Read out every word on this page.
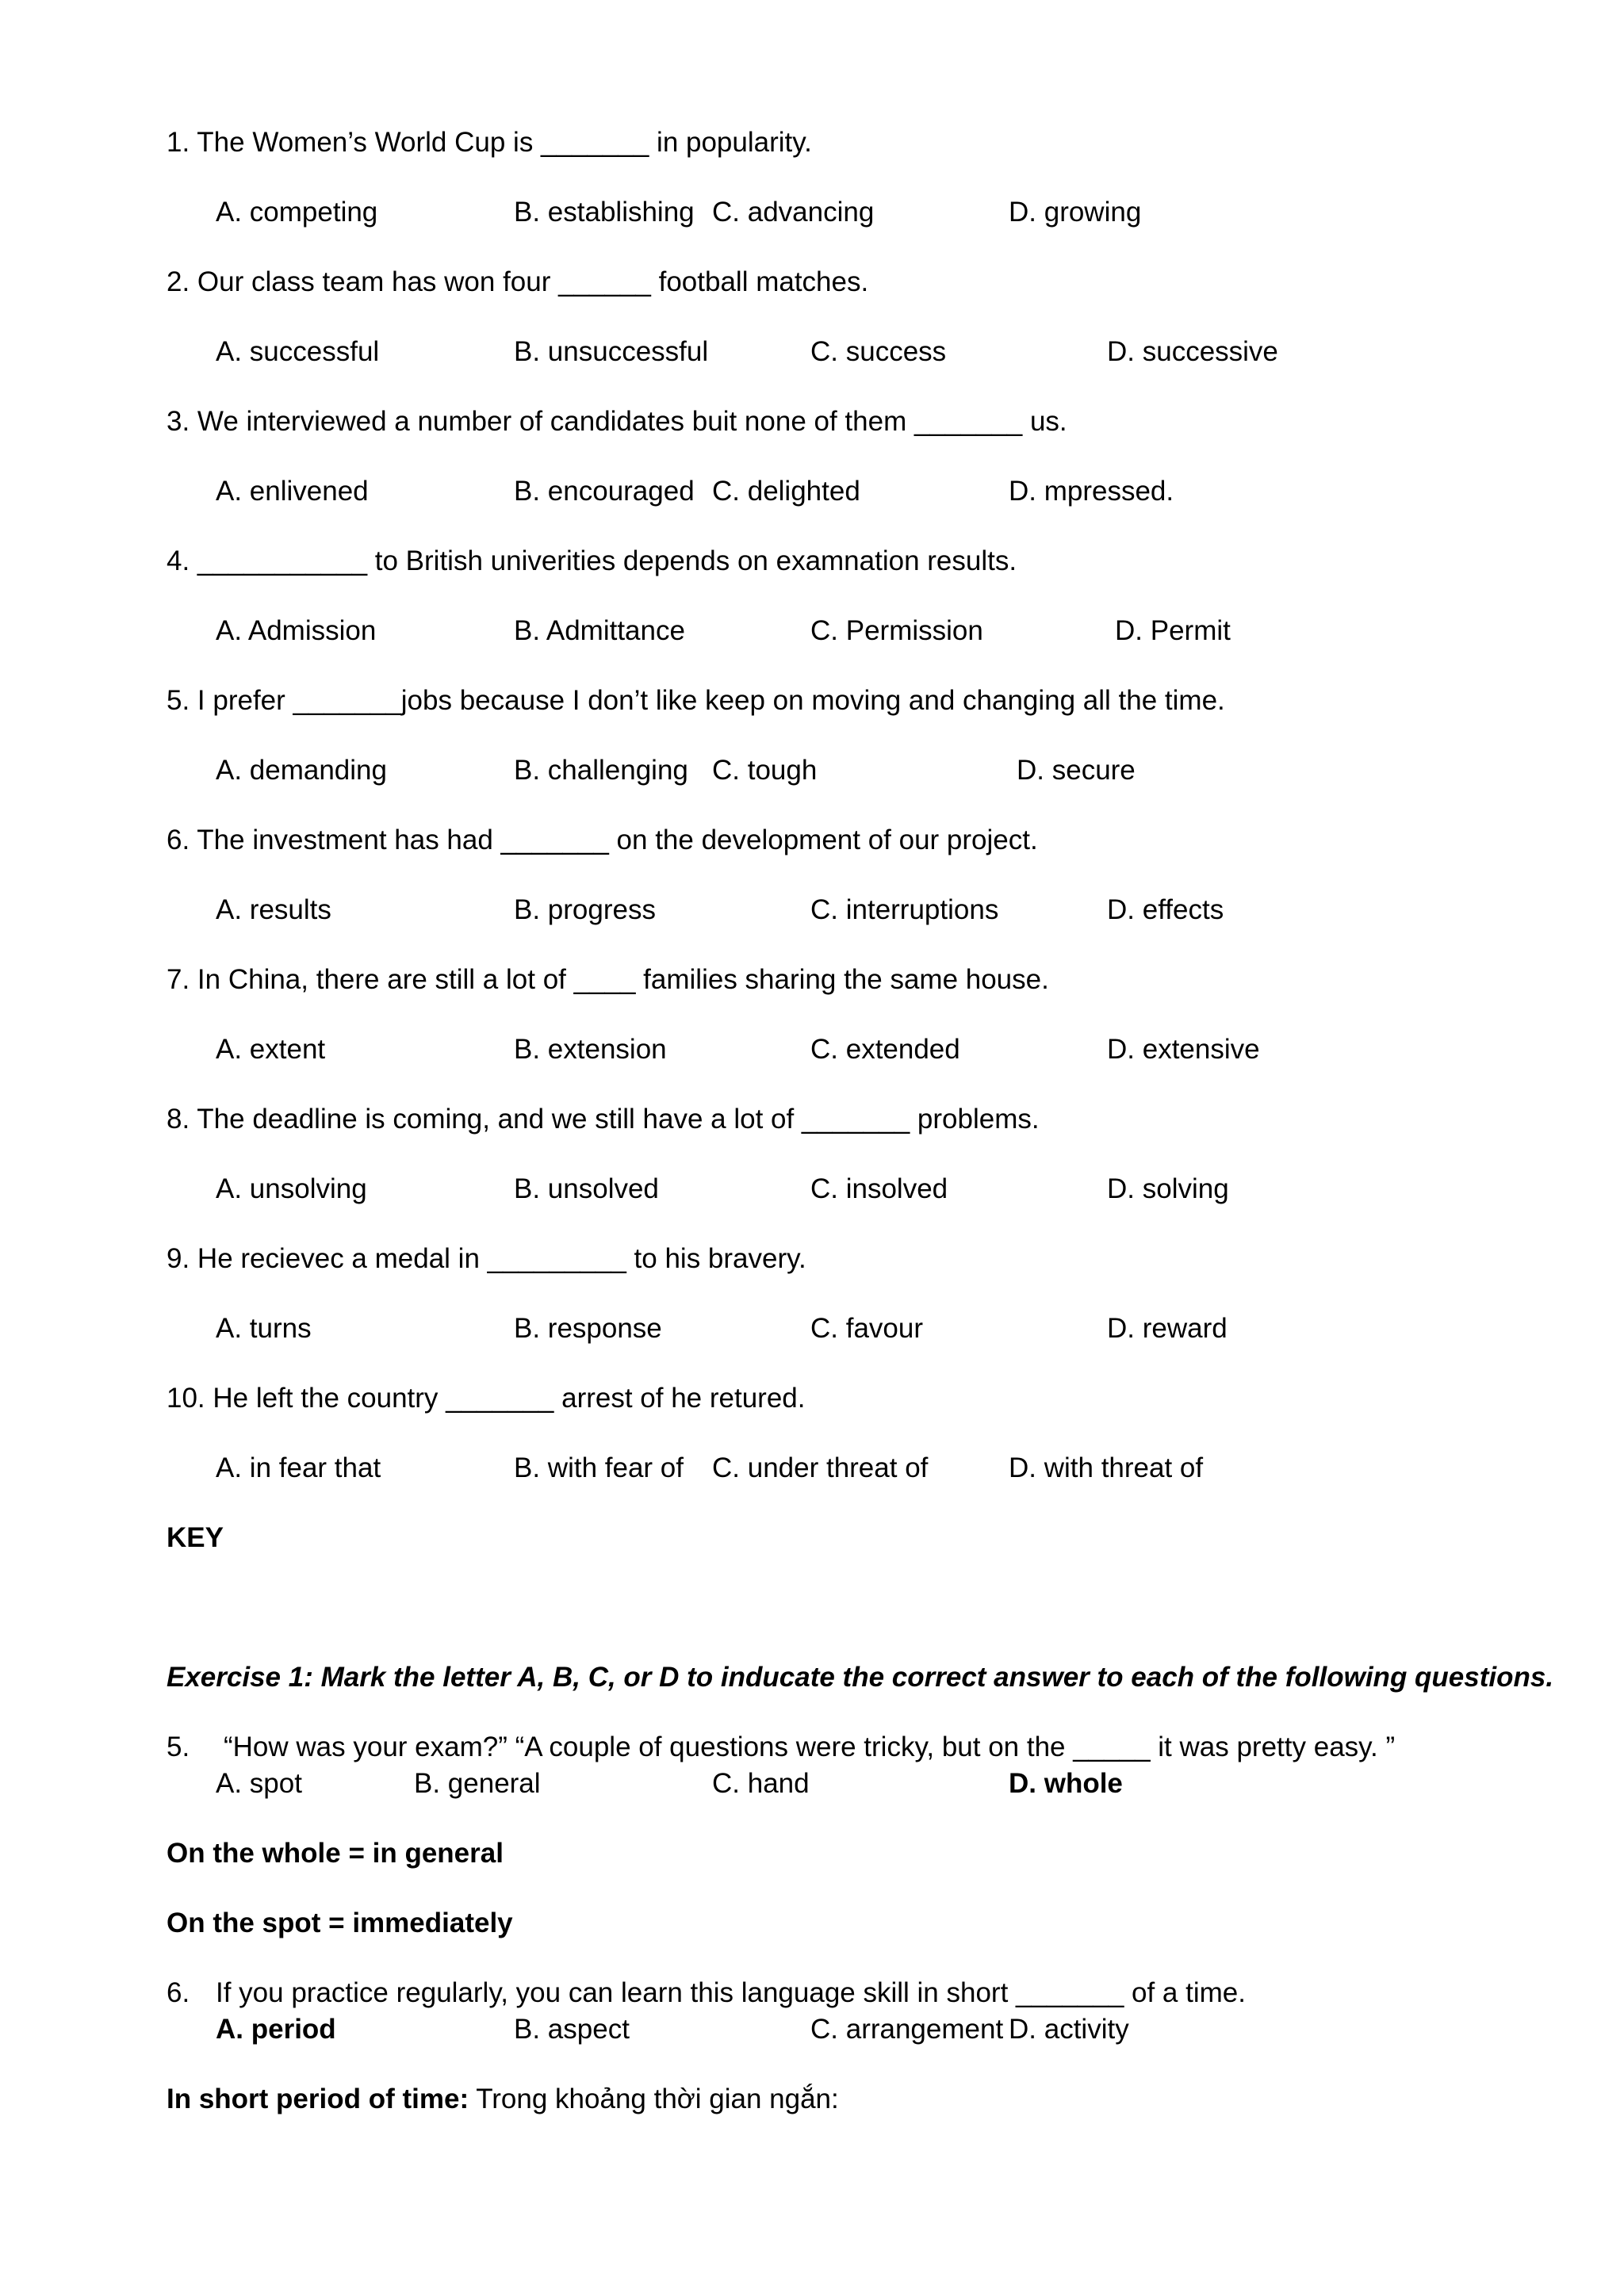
1. The Women’s World Cup is _______ in popularity.
A. competing	B. establishing C. advancing	D. growing
2. Our class team has won four ______ football matches.
A. successful	B. unsuccessful	C. success	D. successive
3. We interviewed a number of candidates buit none of them _______ us.
A. enlivened	B. encouraged C. delighted	D. mpressed.
4. ___________ to British univerities depends on examnation results.
A. Admission	B. Admittance	C. Permission	D. Permit
5. I prefer _______jobs because I don’t like keep on moving and changing all the time.
A. demanding	B. challenging C. tough	D. secure
6. The investment has had _______ on the development of our project.
A. results	B. progress	C. interruptions	D. effects
7. In China, there are still a lot of ____ families sharing the same house.
A. extent	B. extension	C. extended	D. extensive
8. The deadline is coming, and we still have a lot of _______ problems.
A. unsolving	B. unsolved	C. insolved	D. solving
9. He recievec a medal in _________ to his bravery.
A. turns	B. response	C. favour	D. reward
10. He left the country _______ arrest of he retured.
A. in fear that	B. with fear of C. under threat of	D. with threat of
KEY
Exercise 1: Mark the letter A, B, C, or D to inducate the correct answer to each of the following questions.
5. “How was your exam?” “A couple of questions were tricky, but on the _____ it was pretty easy. ”
A. spot	B. general	C. hand	D. whole
On the whole = in general
On the spot = immediately
6. If you practice regularly, you can learn this language skill in short _______ of a time.
A. period	B. aspect	C. arrangement D. activity
In short period of time: Trong khoảng thời gian ngắn:
